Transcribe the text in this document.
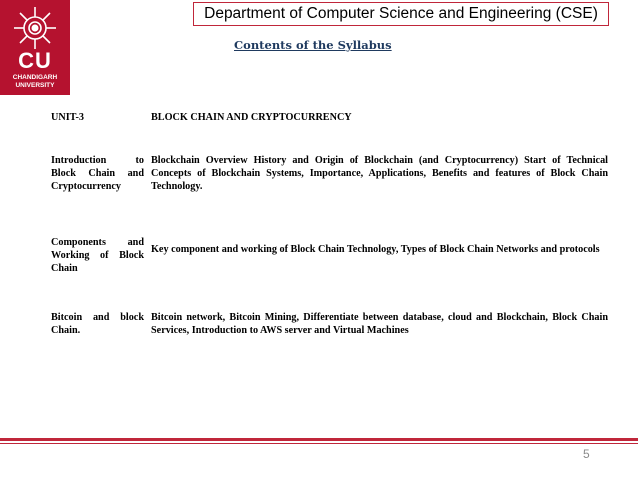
CU
CHANDIGARH
UNIVERSITY
Department of Computer Science and Engineering (CSE)
Contents of the Syllabus
UNIT-3	BLOCK CHAIN AND CRYPTOCURRENCY
Introduction to Block Chain and Cryptocurrency
Blockchain Overview History and Origin of Blockchain (and Cryptocurrency) Start of Technical Concepts of Blockchain Systems, Importance, Applications, Benefits and features of Block Chain Technology.
Components and Working of Block Chain
Key component and working of Block Chain Technology, Types of Block Chain Networks and protocols
Bitcoin and block Chain.
Bitcoin network, Bitcoin Mining, Differentiate between database, cloud and Blockchain, Block Chain Services, Introduction to AWS server and Virtual Machines
5
